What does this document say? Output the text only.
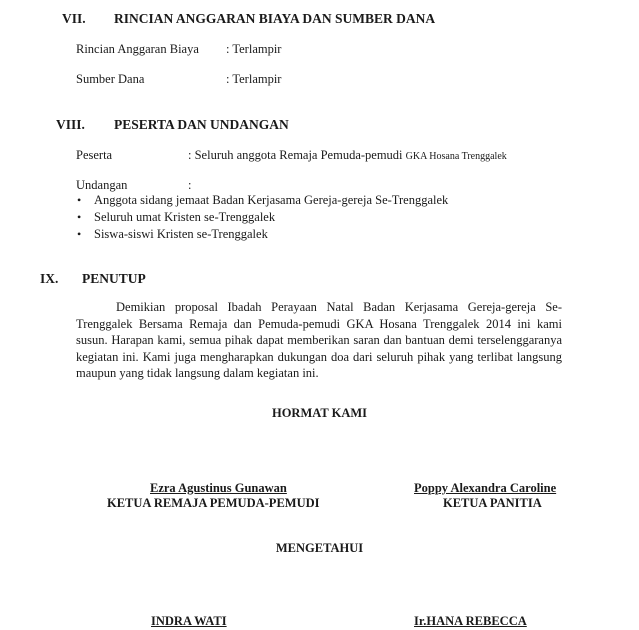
VII. RINCIAN ANGGARAN BIAYA DAN SUMBER DANA
Rincian Anggaran Biaya : Terlampir
Sumber Dana	: Terlampir
VIII. PESERTA DAN UNDANGAN
Peserta	: Seluruh anggota Remaja Pemuda-pemudi GKA Hosana Trenggalek
Undangan	:
• Anggota sidang jemaat Badan Kerjasama Gereja-gereja Se-Trenggalek
• Seluruh umat Kristen se-Trenggalek
• Siswa-siswi Kristen se-Trenggalek
IX. PENUTUP
Demikian proposal Ibadah Perayaan Natal Badan Kerjasama Gereja-gereja Se-Trenggalek Bersama Remaja dan Pemuda-pemudi GKA Hosana Trenggalek 2014 ini kami susun. Harapan kami, semua pihak dapat memberikan saran dan bantuan demi terselenggaranya kegiatan ini. Kami juga mengharapkan dukungan doa dari seluruh pihak yang terlibat langsung maupun yang tidak langsung dalam kegiatan ini.
HORMAT KAMI
Ezra Agustinus Gunawan
KETUA REMAJA PEMUDA-PEMUDI
Poppy Alexandra Caroline
KETUA PANITIA
MENGETAHUI
INDRA WATI	Ir.HANA REBECCA
